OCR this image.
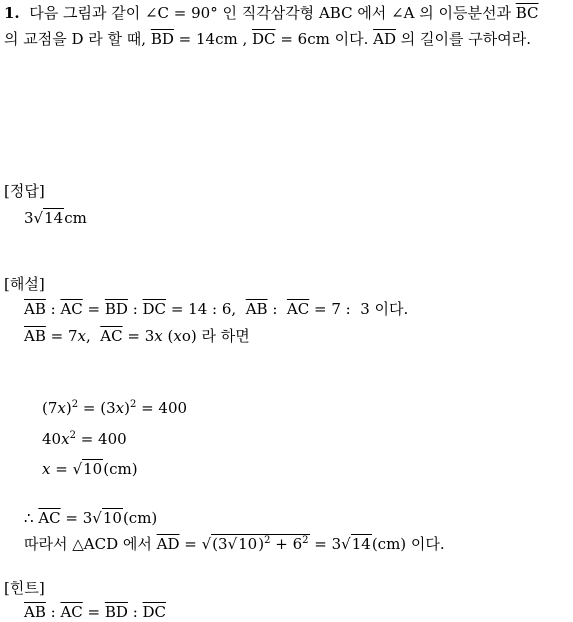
1.  다음 그림과 같이 ∠C = 90° 인 직각삼각형 ABC 에서 ∠A 의 이등분선과 $\overline{BC}$
의 교점을 D 라 할 때, $\overline{BD} = 14cm$ , $\overline{DC} = 6cm$ 이다. $\overline{AD}$ 의 길이를 구하여라.
[정답]
3√14cm
[해설]
$\overline{AB}$ : $\overline{AC} = \overline{BD}$ : $\overline{DC} = 14$ : 6,  $\overline{AB}$ :  $\overline{AC} = 7$ :  3 이다.
$\overline{AB} = 7x$,  $\overline{AC} = 3x$ (xo) 라 하면
$(7x)^2 = (3x)^2 = 400$
$40x^2 = 400$
x = √10(cm)
∴ $\overline{AC} = 3√10(cm)$
따라서 △ACD 에서 $\overline{AD} = √(3√10)^2 + 6^2 = 3√14(cm)$ 이다.
[힌트]
$\overline{AB}$ : $\overline{AC} = \overline{BD}$ : $\overline{DC}$
